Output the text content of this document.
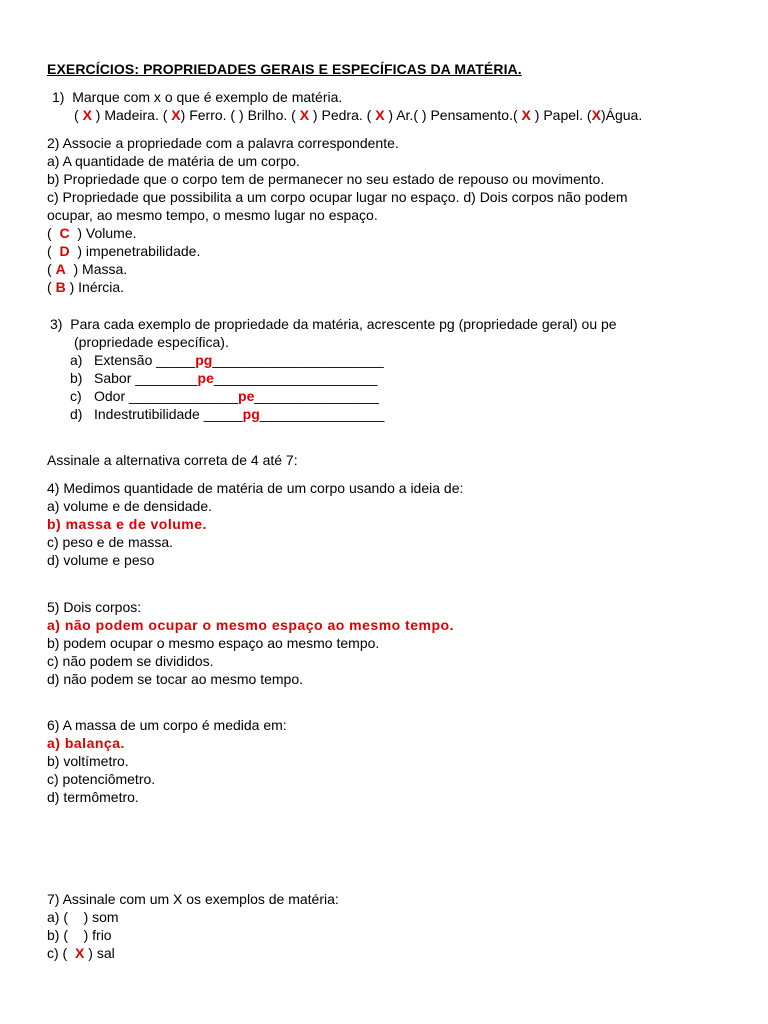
EXERCÍCIOS: PROPRIEDADES GERAIS E ESPECÍFICAS DA MATÉRIA.
1) Marque com x o que é exemplo de matéria.
( X ) Madeira. ( X) Ferro. ( ) Brilho. ( X ) Pedra. ( X ) Ar.( ) Pensamento.( X ) Papel. (X)Água.
2) Associe a propriedade com a palavra correspondente.
a) A quantidade de matéria de um corpo.
b) Propriedade que o corpo tem de permanecer no seu estado de repouso ou movimento.
c) Propriedade que possibilita a um corpo ocupar lugar no espaço. d) Dois corpos não podem
ocupar, ao mesmo tempo, o mesmo lugar no espaço.
(  C  ) Volume.
(  D  ) impenetrabilidade.
( A  ) Massa.
( B ) Inércia.
3) Para cada exemplo de propriedade da matéria, acrescente pg (propriedade geral) ou pe
(propriedade específica).
a) Extensão _____pg______________________
b) Sabor ________pe_____________________
c) Odor ______________pe________________
d) Indestrutibilidade _____pg________________
Assinale a alternativa correta de 4 até 7:
4) Medimos quantidade de matéria de um corpo usando a ideia de:
a) volume e de densidade.
b) massa e de volume.
c) peso e de massa.
d) volume e peso
5) Dois corpos:
a) não podem ocupar o mesmo espaço ao mesmo tempo.
b) podem ocupar o mesmo espaço ao mesmo tempo.
c) não podem se divididos.
d) não podem se tocar ao mesmo tempo.
6) A massa de um corpo é medida em:
a) balança.
b) voltímetro.
c) potenciômetro.
d) termômetro.
7) Assinale com um X os exemplos de matéria:
a) (    ) som
b) (    ) frio
c) (  X ) sal
